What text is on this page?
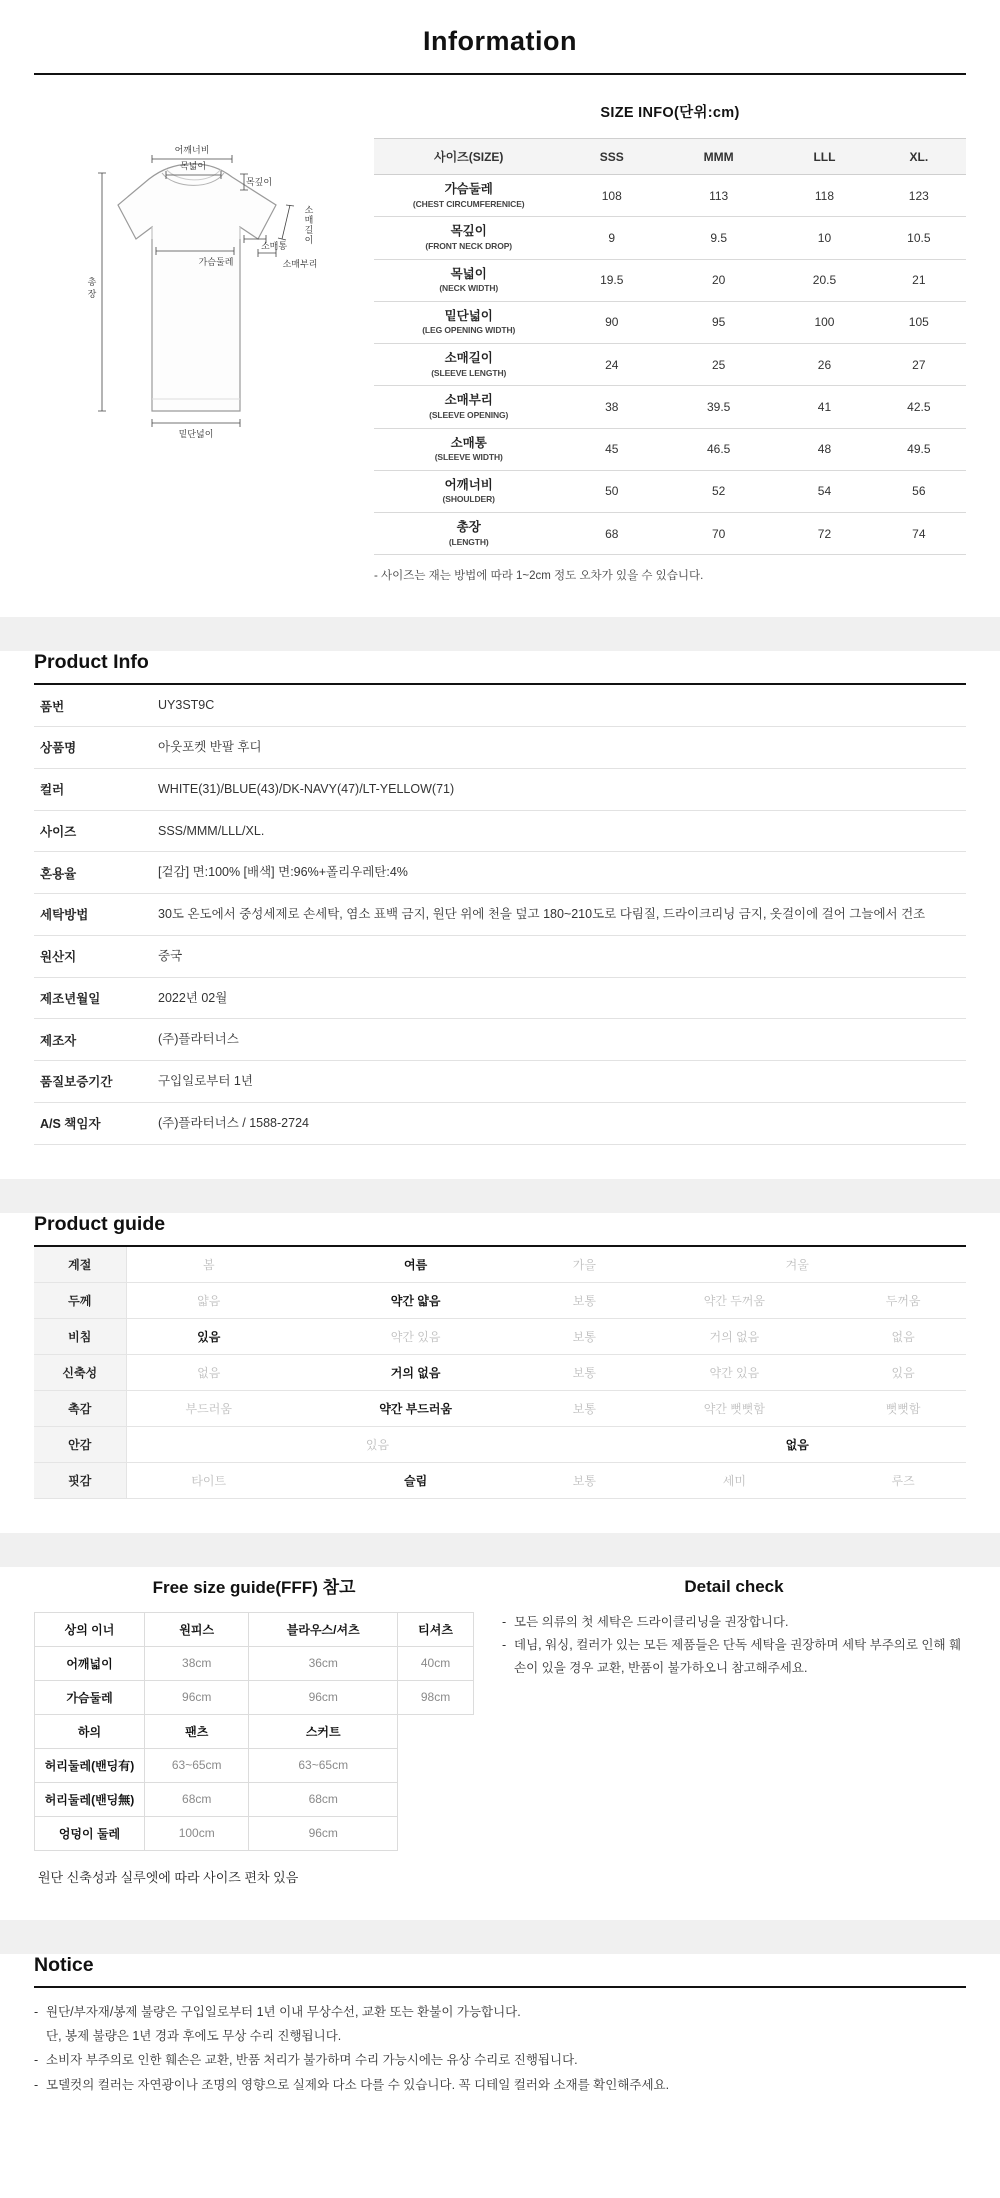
Information
어깨너비
목넓이
목깊이
소
매
길
이
총
장
가슴둘레
소매통
소매부리
밑단넓이
SIZE INFO(단위:cm)
사이즈(SIZE)	SSS	MMM	LLL	XL.
가슴둘레
(CHEST CIRCUMFERENICE)	108	113	118	123
목깊이
(FRONT NECK DROP)	9	9.5	10	10.5
목넓이
(NECK WIDTH)	19.5	20	20.5	21
밑단넓이
(LEG OPENING WIDTH)	90	95	100	105
소매길이
(SLEEVE LENGTH)	24	25	26	27
소매부리
(SLEEVE OPENING)	38	39.5	41	42.5
소매통
(SLEEVE WIDTH)	45	46.5	48	49.5
어깨너비
(SHOULDER)	50	52	54	56
총장
(LENGTH)	68	70	72	74
- 사이즈는 재는 방법에 따라 1~2cm 정도 오차가 있을 수 있습니다.
Product Info
품번	UY3ST9C
상품명	아웃포켓 반팔 후디
컬러	WHITE(31)/BLUE(43)/DK-NAVY(47)/LT-YELLOW(71)
사이즈	SSS/MMM/LLL/XL.
혼용율	[겉감] 면:100% [배색] 면:96%+폴리우레탄:4%
세탁방법	30도 온도에서 중성세제로 손세탁, 염소 표백 금지, 원단 위에 천을 덮고 180~210도로 다림질, 드라이크리닝 금지, 옷걸이에 걸어 그늘에서 건조
원산지	중국
제조년월일	2022년 02월
제조자	(주)플라터너스
품질보증기간	구입일로부터 1년
A/S 책임자	(주)플라터너스 / 1588-2724
Product guide
계절	봄	여름	가을	겨울	
두께	얇음	약간 얇음	보통	약간 두꺼움	두꺼움
비침	있음	약간 있음	보통	거의 없음	없음
신축성	없음	거의 없음	보통	약간 있음	있음
촉감	부드러움	약간 부드러움	보통	약간 뻣뻣함	뻣뻣함
안감	있음			없음	
핏감	타이트	슬림	보통	세미	루즈
Free size guide(FFF) 참고
상의 이너	원피스	블라우스/셔츠	티셔츠
어깨넓이	38cm	36cm	40cm
가슴둘레	96cm	96cm	98cm
하의	팬츠	스커트	
허리둘레(밴딩有)	63~65cm	63~65cm	
허리둘레(밴딩無)	68cm	68cm	
엉덩이 둘레	100cm	96cm	
원단 신축성과 실루엣에 따라 사이즈 편차 있음
Detail check
- 모든 의류의 첫 세탁은 드라이클리닝을 권장합니다.
- 데님, 워싱, 컬러가 있는 모든 제품들은 단독 세탁을 권장하며 세탁 부주의로 인해 훼손이 있을 경우 교환, 반품이 불가하오니 참고해주세요.
Notice
- 원단/부자재/봉제 불량은 구입일로부터 1년 이내 무상수선, 교환 또는 환불이 가능합니다.
단, 봉제 불량은 1년 경과 후에도 무상 수리 진행됩니다.
- 소비자 부주의로 인한 훼손은 교환, 반품 처리가 불가하며 수리 가능시에는 유상 수리로 진행됩니다.
- 모델컷의 컬러는 자연광이나 조명의 영향으로 실제와 다소 다를 수 있습니다. 꼭 디테일 컬러와 소재를 확인해주세요.
